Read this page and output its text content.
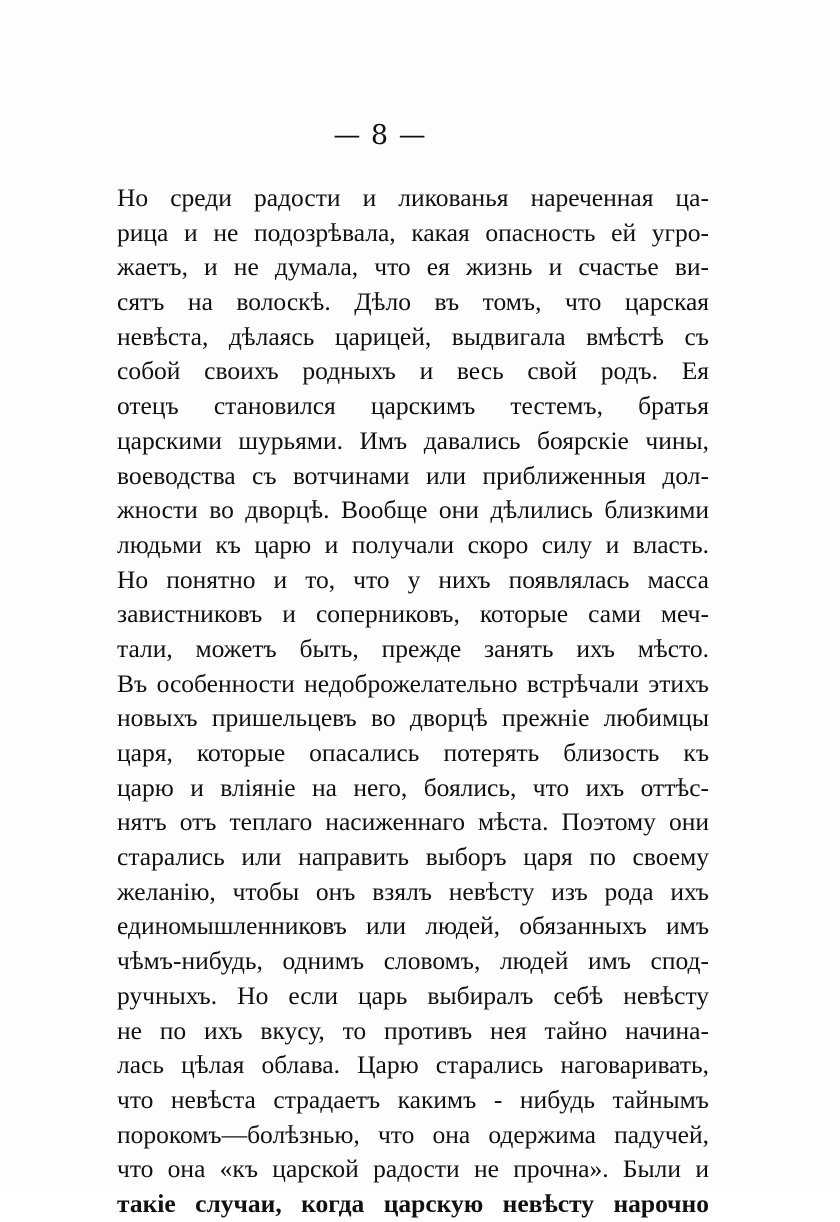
— 8 —
Но среди радости и ликованья нареченная ца-
рица и не подозрѣвала, какая опасность ей угро-
жаетъ, и не думала, что ея жизнь и счастье ви-
сятъ на волоскѣ. Дѣло въ томъ, что царская
невѣста, дѣлаясь царицей, выдвигала вмѣстѣ съ
собой своихъ родныхъ и весь свой родъ. Ея
отецъ становился царскимъ тестемъ, братья
царскими шурьями. Имъ давались боярскіе чины,
воеводства съ вотчинами или приближенныя дол-
жности во дворцѣ. Вообще они дѣлились близкими
людьми къ царю и получали скоро силу и власть.
Но понятно и то, что у нихъ появлялась масса
завистниковъ и соперниковъ, которые сами меч-
тали, можетъ быть, прежде занять ихъ мѣсто.
Въ особенности недоброжелательно встрѣчали этихъ
новыхъ пришельцевъ во дворцѣ прежніе любимцы
царя, которые опасались потерять близость къ
царю и вліяніе на него, боялись, что ихъ оттѣс-
нятъ отъ теплаго насиженнаго мѣста. Поэтому они
старались или направить выборъ царя по своему
желанію, чтобы онъ взялъ невѣсту изъ рода ихъ
единомышленниковъ или людей, обязанныхъ имъ
чѣмъ-нибудь, однимъ словомъ, людей имъ спод-
ручныхъ. Но если царь выбиралъ себѣ невѣсту
не по ихъ вкусу, то противъ нея тайно начина-
лась цѣлая облава. Царю старались наговаривать,
что невѣста страдаетъ какимъ - нибудь тайнымъ
порокомъ—болѣзнью, что она одержима падучей,
что она «къ царской радости не прочна». Были и
такіе случаи, когда царскую невѣсту нарочно
